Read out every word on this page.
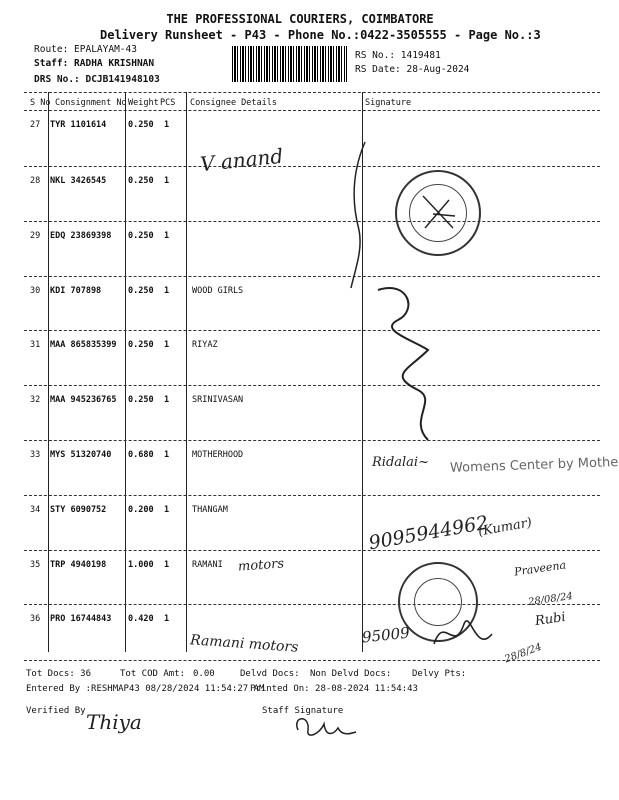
THE PROFESSIONAL COURIERS, COIMBATORE
Delivery Runsheet - P43 - Phone No.:0422-3505555 - Page No.:3
Route: EPALAYAM-43
Staff: RADHA KRISHNAN
DRS No.: DCJB141948103
RS No.: 1419481
RS Date: 28-Aug-2024
S No Consignment No Weight PCS Consignee Details	Signature
27 TYR 1101614	0.250 1
28 NKL 3426545	0.250 1
29 EDQ 23869398 0.250 1
30 KDI 707898	0.250 1	WOOD GIRLS
31 MAA 865835399 0.250 1	RIYAZ
32 MAA 945236765 0.250 1	SRINIVASAN
33 MYS 51320740 0.680 1	MOTHERHOOD
34 STY 6090752	0.200 1	THANGAM
35 TRP 4940198	1.000 1	RAMANI
36 PRO 16744843 0.420 1
V anand
Ridalai~ Womens Center by Mothe
9095944962
(Kumar)
motors	Praveena
28/08/24
Rubi
Ramani motors	95009
28/8/24
Tot Docs: 36	Tot COD Amt: 0.00	Delvd Docs: Non Delvd Docs: Delvy Pts:
Entered By :RESHMAP43 08/28/2024 11:54:27 AM
Printed On: 28-08-2024 11:54:43
Verified By Thiya	Staff Signature
